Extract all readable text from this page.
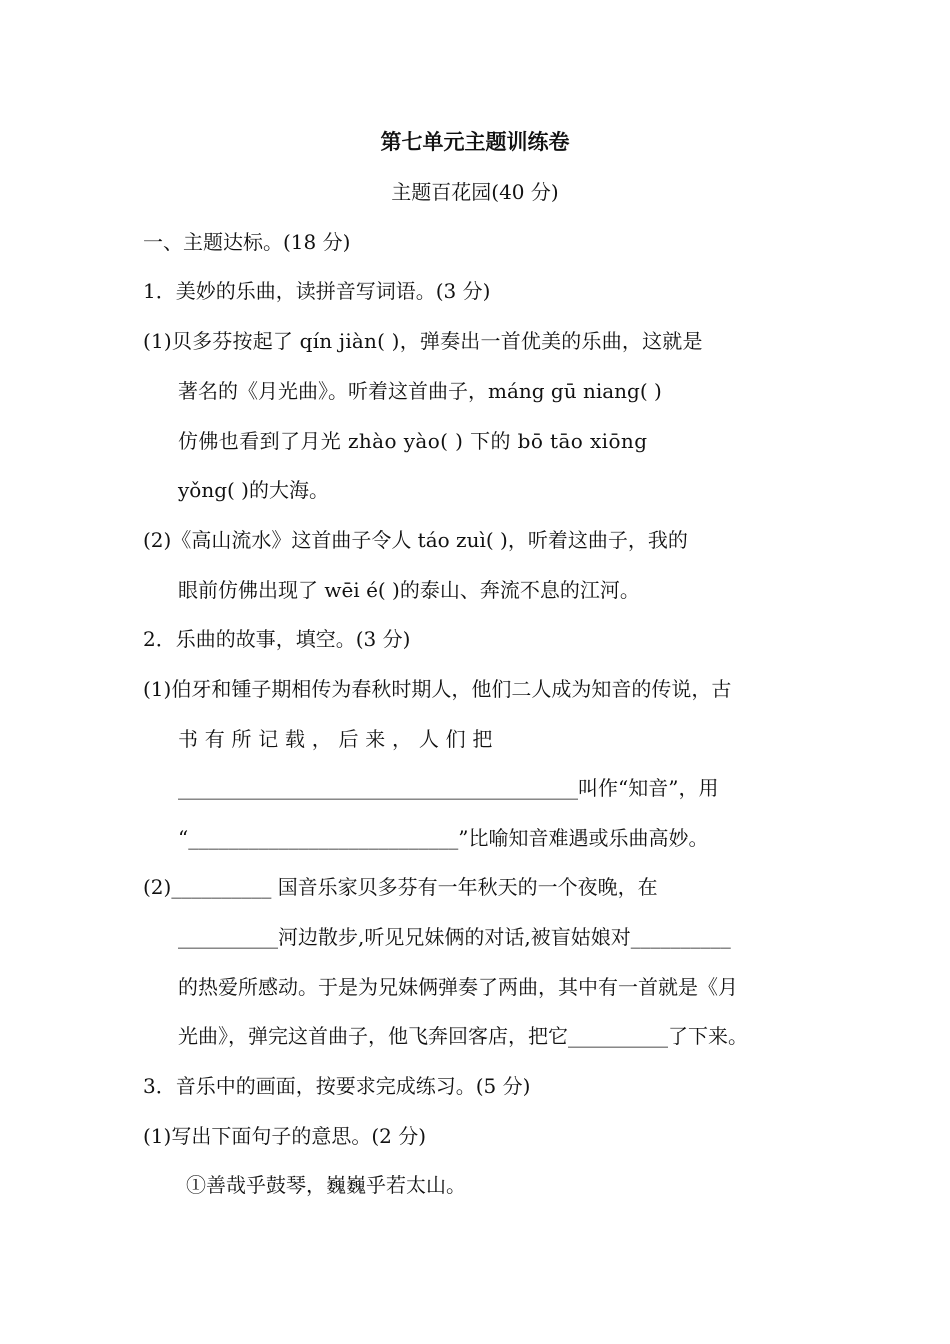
第七单元主题训练卷
主题百花园(40 分)
一、主题达标。(18 分)
1．美妙的乐曲，读拼音写词语。(3 分)
(1)贝多芬按起了 qín jiàn( )，弹奏出一首优美的乐曲，这就是
著名的《月光曲》。听着这首曲子，máng gū niang( )
仿佛也看到了月光 zhào yào( ) 下的 bō tāo xiōng
yǒng( )的大海。
(2)《高山流水》这首曲子令人 táo zuì( )，听着这曲子，我的
眼前仿佛出现了 wēi é( )的泰山、奔流不息的江河。
2．乐曲的故事，填空。(3 分)
(1)伯牙和锺子期相传为春秋时期人，他们二人成为知音的传说，古
书 有 所 记 载 ， 后 来 ， 人 们 把
________________________________________叫作“知音”，用
“___________________________”比喻知音难遇或乐曲高妙。
(2)__________ 国音乐家贝多芬有一年秋天的一个夜晚，在
__________河边散步,听见兄妹俩的对话,被盲姑娘对__________
的热爱所感动。于是为兄妹俩弹奏了两曲，其中有一首就是《月
光曲》，弹完这首曲子，他飞奔回客店，把它__________了下来。
3．音乐中的画面，按要求完成练习。(5 分)
(1)写出下面句子的意思。(2 分)
①善哉乎鼓琴，巍巍乎若太山。
